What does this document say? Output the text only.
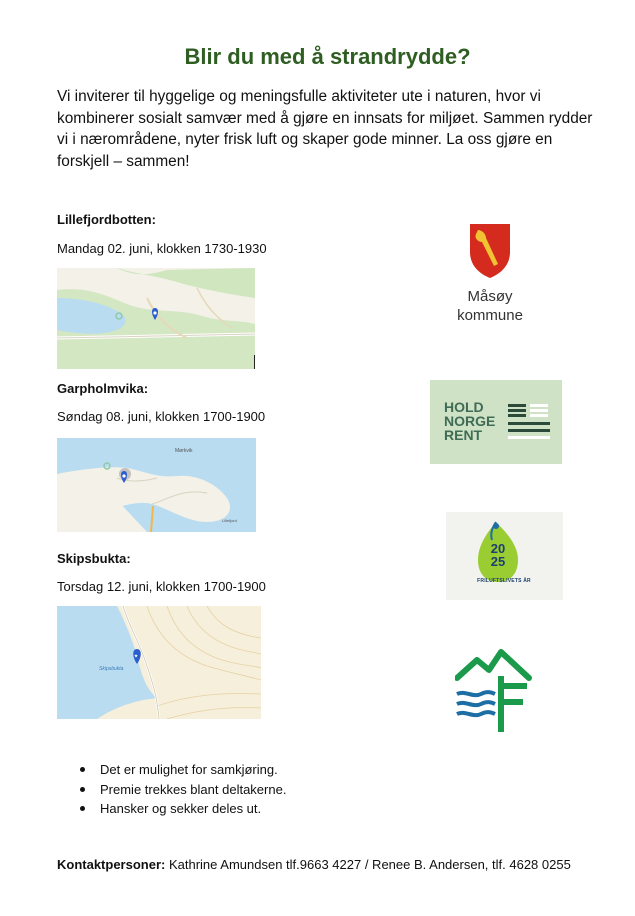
Blir du med å strandrydde?
Vi inviterer til hyggelige og meningsfulle aktiviteter ute i naturen, hvor vi kombinerer sosialt samvær med å gjøre en innsats for miljøet. Sammen rydder vi i nærområdene, nyter frisk luft og skaper gode minner. La oss gjøre en forskjell – sammen!
Lillefjordbotten:
Mandag 02. juni, klokken 1730-1930
Garpholmvika:
Søndag 08. juni, klokken 1700-1900
Mørkvik
Lillefjord
Skipsbukta:
Torsdag 12. juni, klokken 1700-1900
★
Skipsbukta
Måsøy
kommune
HOLD
NORGE
RENT
20
25
FRILUFTSLIVETS ÅR
Det er mulighet for samkjøring.
Premie trekkes blant deltakerne.
Hansker og sekker deles ut.
Kontaktpersoner: Kathrine Amundsen tlf.9663 4227 / Renee B. Andersen, tlf. 4628 0255
